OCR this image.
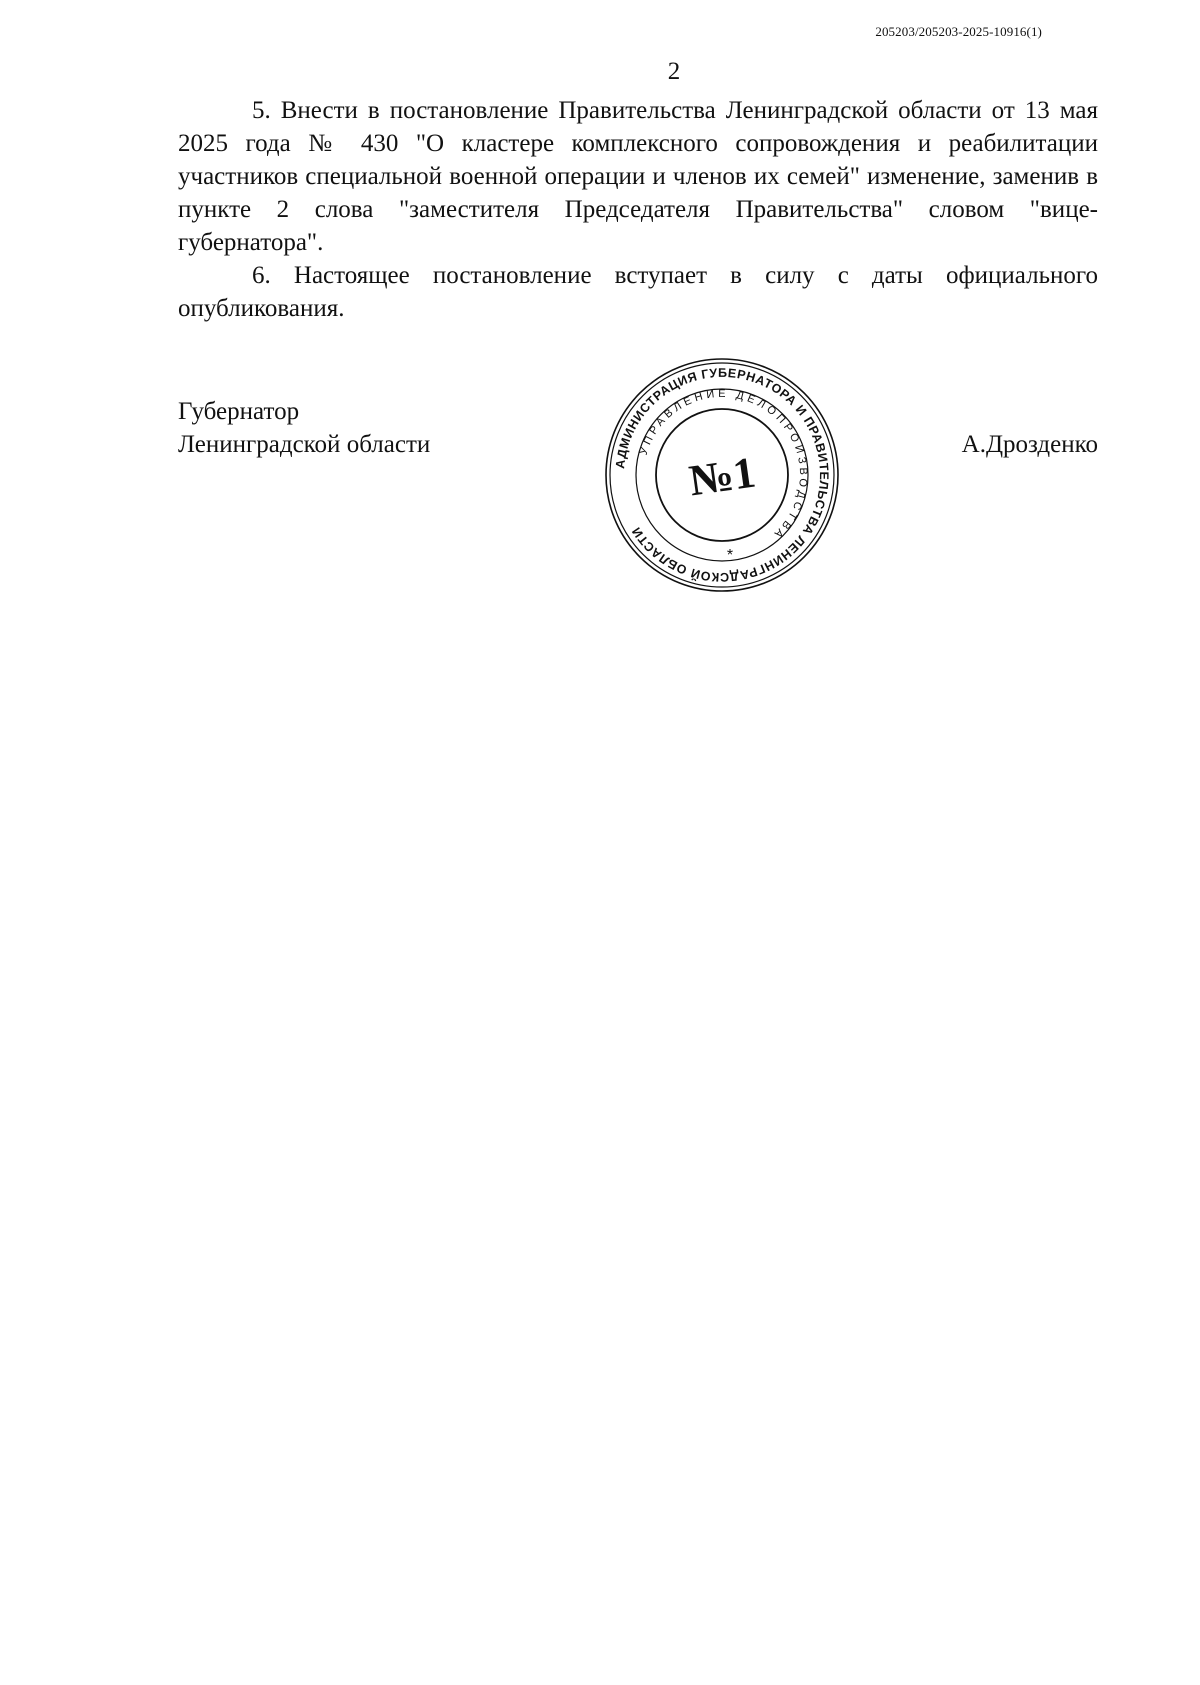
205203/205203-2025-10916(1)
2

5. Внести в постановление Правительства Ленинградской области от 13 мая 2025 года № 430 "О кластере комплексного сопровождения и реабилитации участников специальной военной операции и членов их семей" изменение, заменив в пункте 2 слова "заместителя Председателя Правительства" словом "вице-губернатора".

6. Настоящее постановление вступает в силу с даты официального опубликования.

Губернатор
Ленинградской области	А.Дрозденко
АДМИНИСТРАЦИЯ ГУБЕРНАТОРА И ПРАВИТЕЛЬСТВА ЛЕНИНГРАДСКОЙ ОБЛАСТИ
УПРАВЛЕНИЕ ДЕЛОПРОИЗВОДСТВА
№1
*
